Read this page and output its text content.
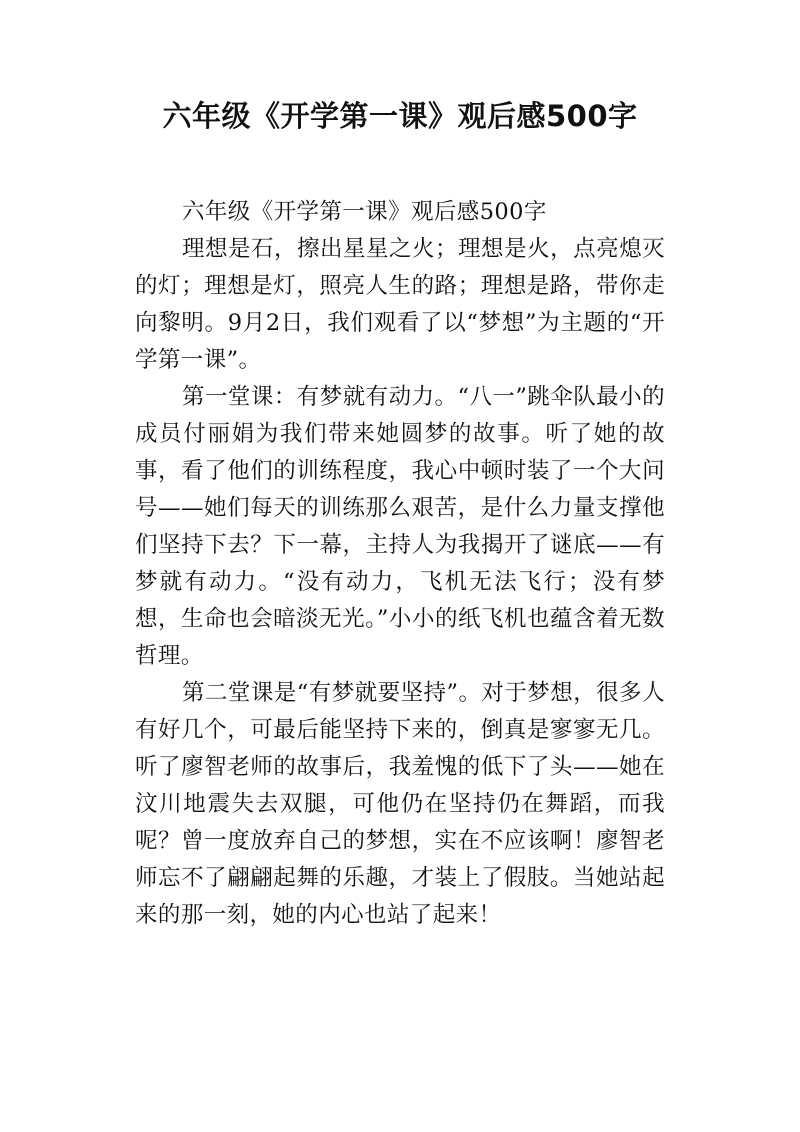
六年级《开学第一课》观后感500字

六年级《开学第一课》观后感500字

理想是石，擦出星星之火；理想是火，点亮熄灭的灯；理想是灯，照亮人生的路；理想是路，带你走向黎明。9月2日，我们观看了以“梦想”为主题的“开学第一课”。

第一堂课：有梦就有动力。“八一”跳伞队最小的成员付丽娟为我们带来她圆梦的故事。听了她的故事，看了他们的训练程度，我心中顿时装了一个大问号——她们每天的训练那么艰苦，是什么力量支撑他们坚持下去？下一幕，主持人为我揭开了谜底——有梦就有动力。“没有动力，飞机无法飞行；没有梦想，生命也会暗淡无光。”小小的纸飞机也蕴含着无数哲理。

第二堂课是“有梦就要坚持”。对于梦想，很多人有好几个，可最后能坚持下来的，倒真是寥寥无几。听了廖智老师的故事后，我羞愧的低下了头——她在汶川地震失去双腿，可他仍在坚持仍在舞蹈，而我呢？曾一度放弃自己的梦想，实在不应该啊！廖智老师忘不了翩翩起舞的乐趣，才装上了假肢。当她站起来的那一刻，她的内心也站了起来！
